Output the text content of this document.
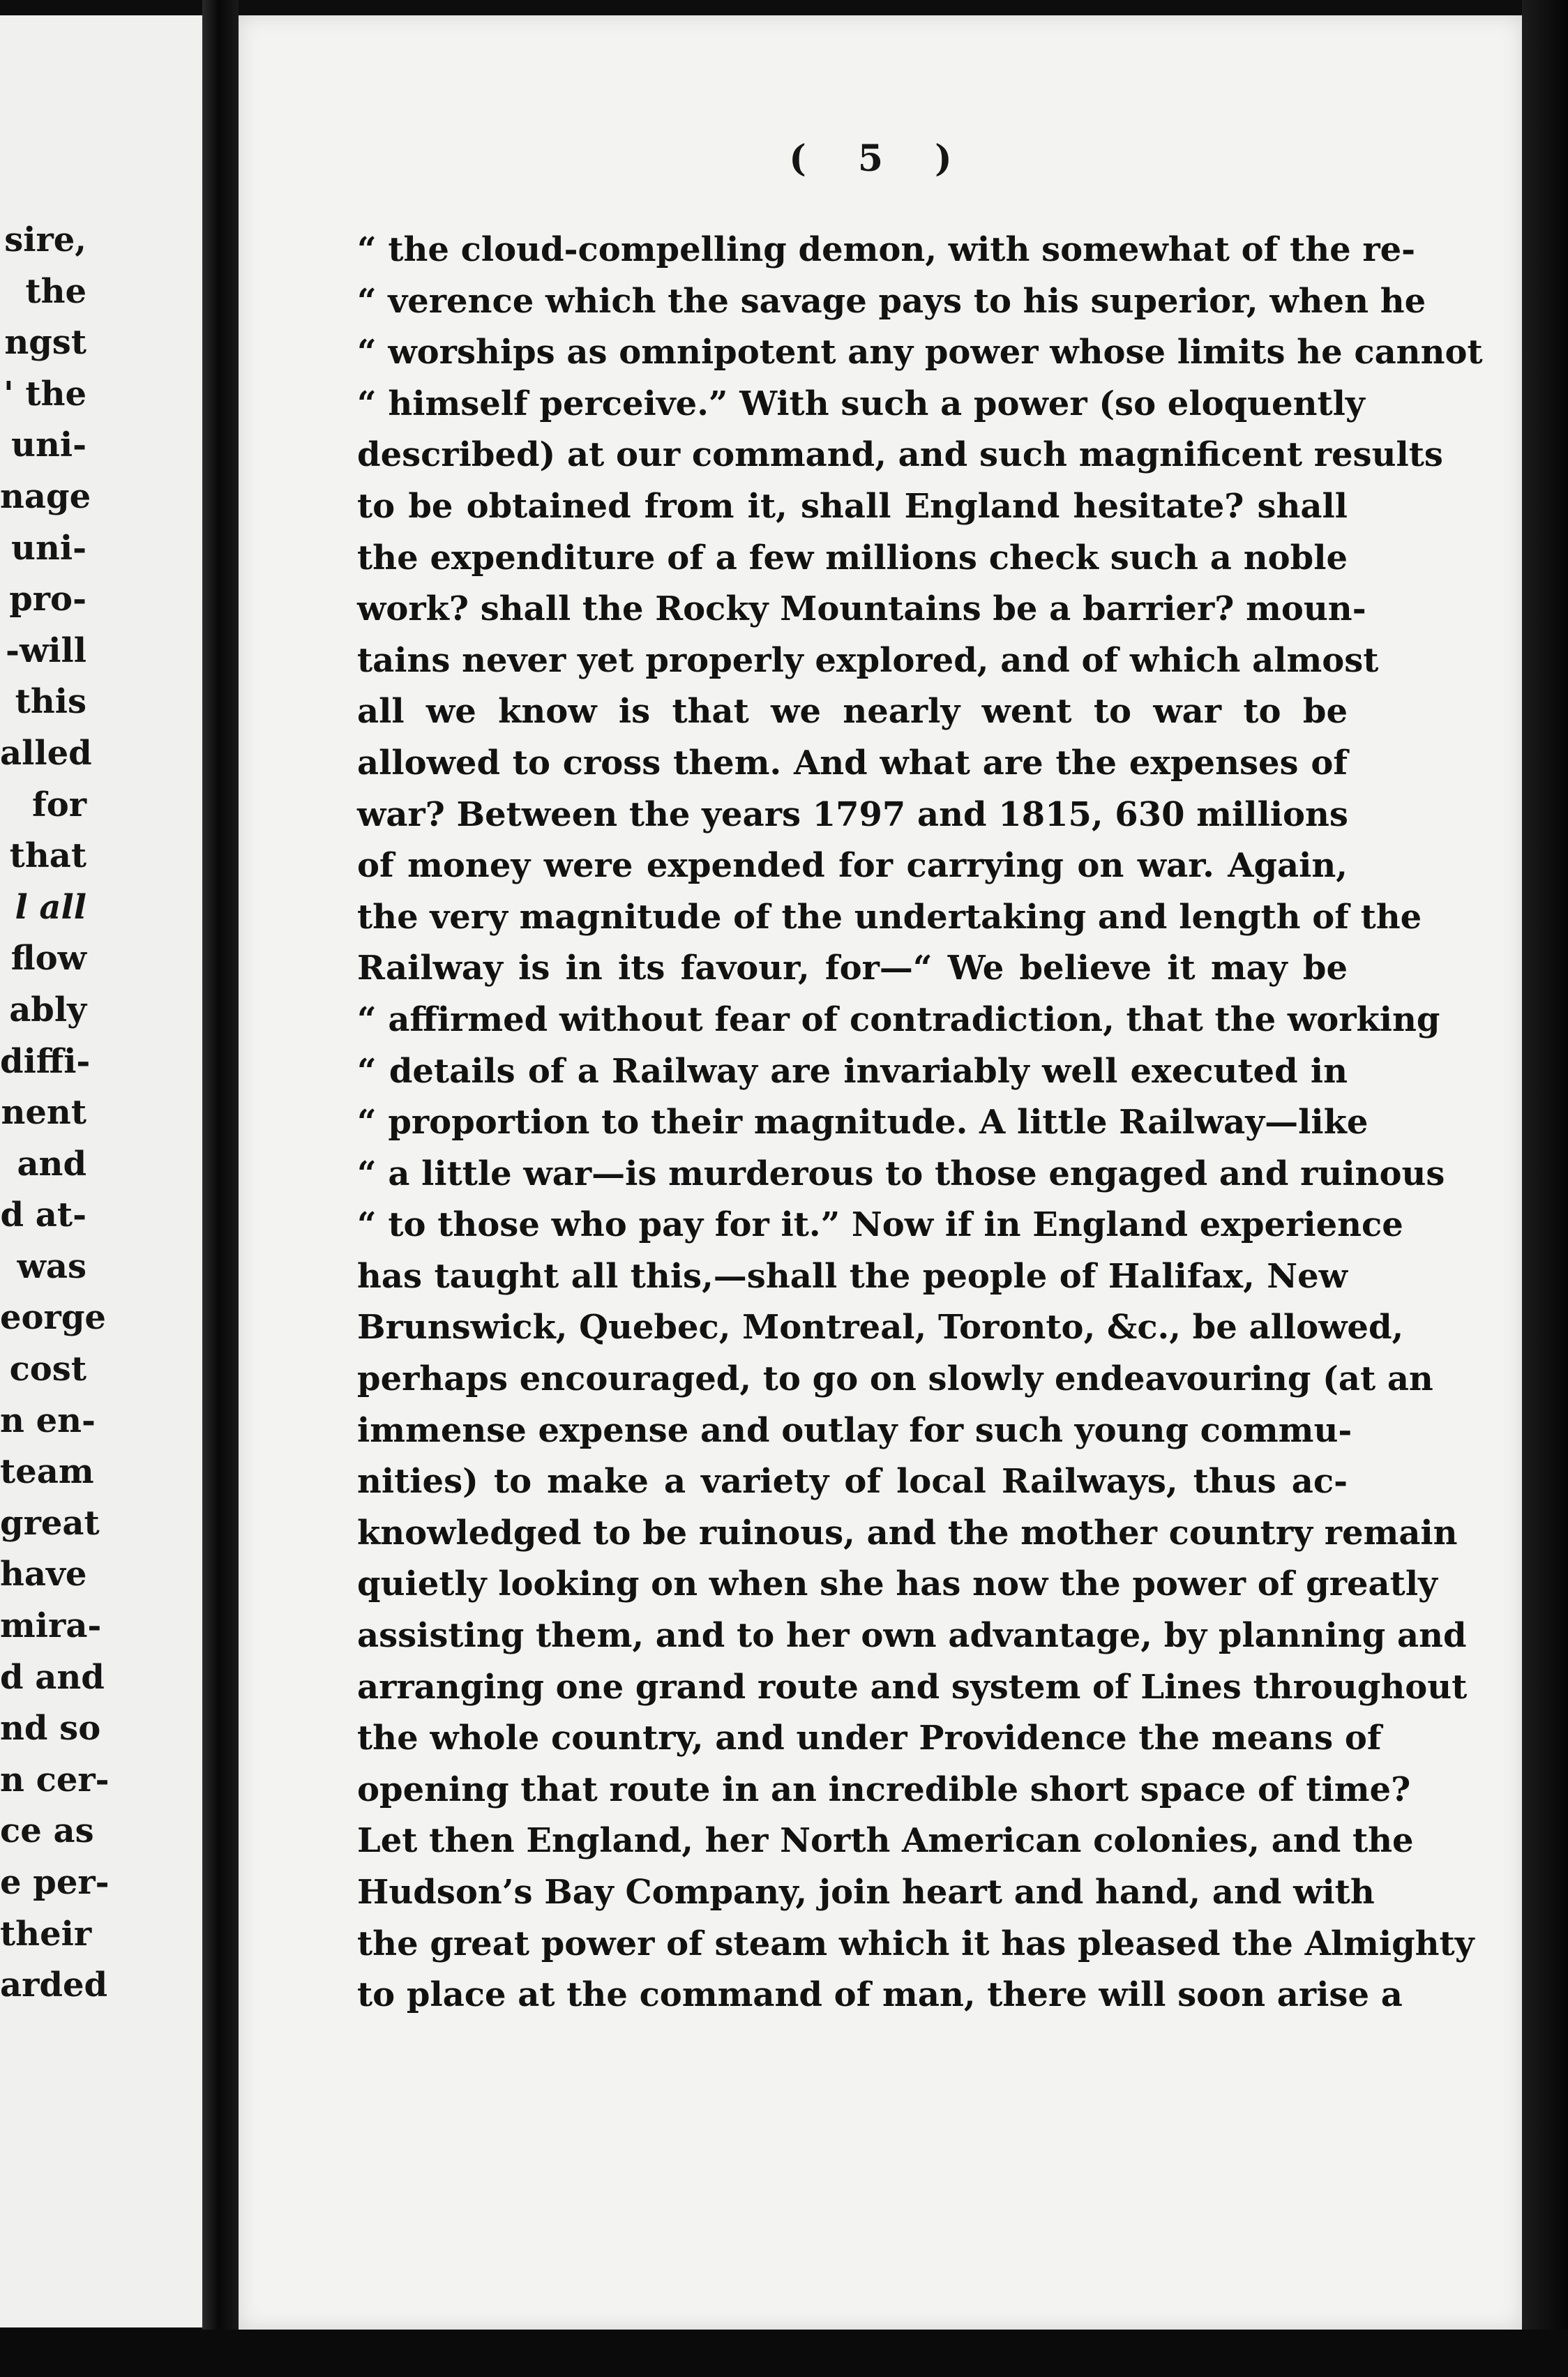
sire,
the
ngst
' the
uni-
nage
uni-
pro-
-will
this
alled
for
that
l all
flow
ably
diffi-
nent
and
d at-
was
eorge
cost
n en-
team
great
have
mira-
d and
nd so
n cer-
ce as
e per-
their
arded
( 5 )
“ the cloud-compelling demon, with somewhat of the re-
“ verence which the savage pays to his superior, when he
“ worships as omnipotent any power whose limits he cannot
“ himself perceive.” With such a power (so eloquently
described) at our command, and such magnificent results
to be obtained from it, shall England hesitate? shall
the expenditure of a few millions check such a noble
work? shall the Rocky Mountains be a barrier? moun-
tains never yet properly explored, and of which almost
all we know is that we nearly went to war to be
allowed to cross them. And what are the expenses of
war? Between the years 1797 and 1815, 630 millions
of money were expended for carrying on war. Again,
the very magnitude of the undertaking and length of the
Railway is in its favour, for—“ We believe it may be
“ affirmed without fear of contradiction, that the working
“ details of a Railway are invariably well executed in
“ proportion to their magnitude. A little Railway—like
“ a little war—is murderous to those engaged and ruinous
“ to those who pay for it.” Now if in England experience
has taught all this,—shall the people of Halifax, New
Brunswick, Quebec, Montreal, Toronto, &c., be allowed,
perhaps encouraged, to go on slowly endeavouring (at an
immense expense and outlay for such young commu-
nities) to make a variety of local Railways, thus ac-
knowledged to be ruinous, and the mother country remain
quietly looking on when she has now the power of greatly
assisting them, and to her own advantage, by planning and
arranging one grand route and system of Lines throughout
the whole country, and under Providence the means of
opening that route in an incredible short space of time?
Let then England, her North American colonies, and the
Hudson’s Bay Company, join heart and hand, and with
the great power of steam which it has pleased the Almighty
to place at the command of man, there will soon arise a
